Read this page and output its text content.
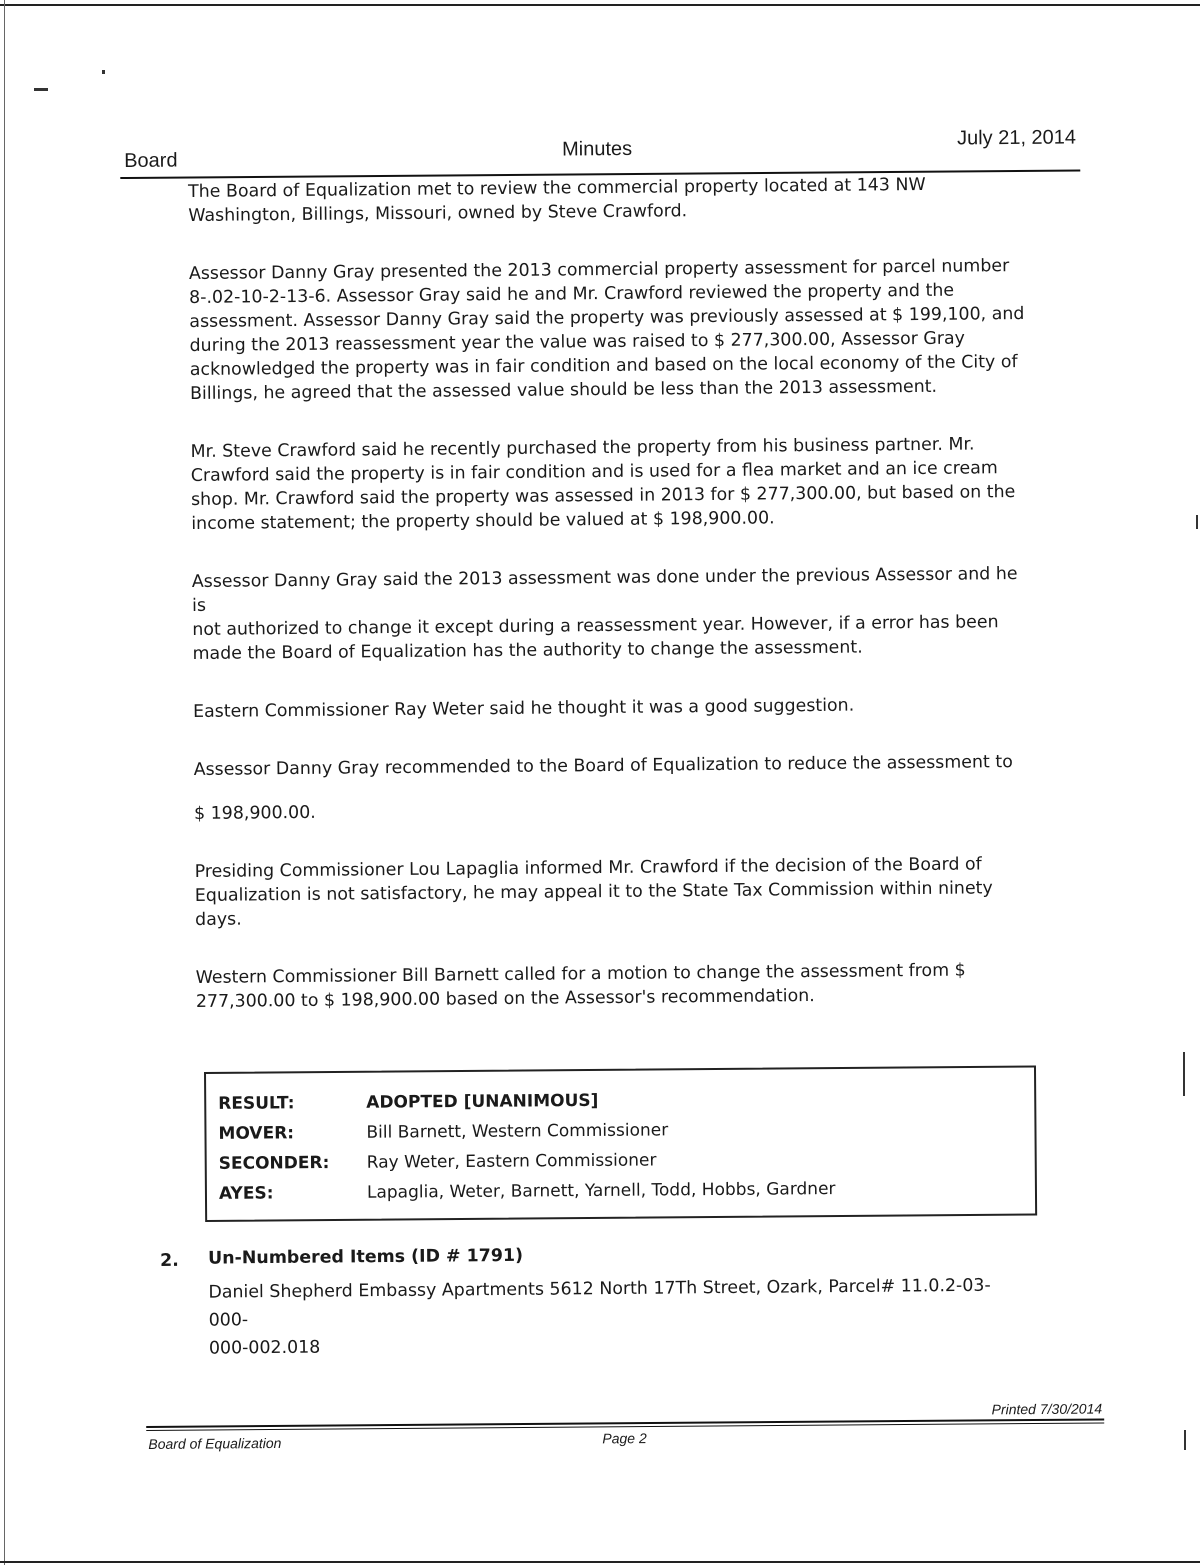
Board
Minutes	July 21, 2014

The Board of Equalization met to review the commercial property located at 143 NW
Washington, Billings, Missouri, owned by Steve Crawford.

Assessor Danny Gray presented the 2013 commercial property assessment for parcel number
8-.02-10-2-13-6. Assessor Gray said he and Mr. Crawford reviewed the property and the
assessment. Assessor Danny Gray said the property was previously assessed at $ 199,100, and
during the 2013 reassessment year the value was raised to $ 277,300.00, Assessor Gray
acknowledged the property was in fair condition and based on the local economy of the City of
Billings, he agreed that the assessed value should be less than the 2013 assessment.

Mr. Steve Crawford said he recently purchased the property from his business partner. Mr.
Crawford said the property is in fair condition and is used for a flea market and an ice cream
shop. Mr. Crawford said the property was assessed in 2013 for $ 277,300.00, but based on the
income statement; the property should be valued at $ 198,900.00.

Assessor Danny Gray said the 2013 assessment was done under the previous Assessor and he is
not authorized to change it except during a reassessment year. However, if a error has been
made the Board of Equalization has the authority to change the assessment.

Eastern Commissioner Ray Weter said he thought it was a good suggestion.

Assessor Danny Gray recommended to the Board of Equalization to reduce the assessment to

$ 198,900.00.

Presiding Commissioner Lou Lapaglia informed Mr. Crawford if the decision of the Board of
Equalization is not satisfactory, he may appeal it to the State Tax Commission within ninety
days.

Western Commissioner Bill Barnett called for a motion to change the assessment from $
277,300.00 to $ 198,900.00 based on the Assessor's recommendation.

RESULT:	ADOPTED [UNANIMOUS]
MOVER:	Bill Barnett, Western Commissioner
SECONDER: Ray Weter, Eastern Commissioner
AYES:	Lapaglia, Weter, Barnett, Yarnell, Todd, Hobbs, Gardner
2. Un-Numbered Items (ID # 1791)
Daniel Shepherd Embassy Apartments 5612 North 17Th Street, Ozark, Parcel# 11.0.2-03-000-
000-002.018
Printed 7/30/2014
Board of Equalization	Page 2
